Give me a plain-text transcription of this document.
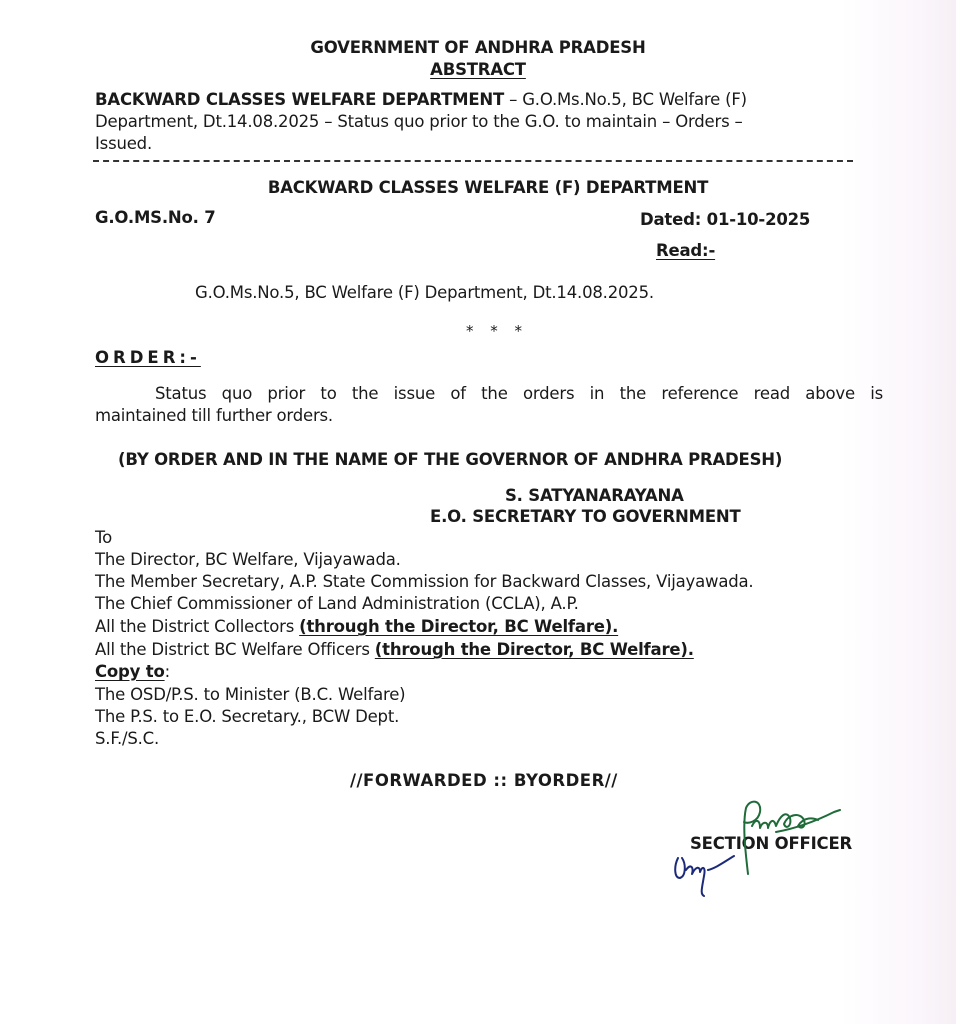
GOVERNMENT OF ANDHRA PRADESH
ABSTRACT
BACKWARD CLASSES WELFARE DEPARTMENT – G.O.Ms.No.5, BC Welfare (F)
Department, Dt.14.08.2025 – Status quo prior to the G.O. to maintain – Orders –
Issued.
BACKWARD CLASSES WELFARE (F) DEPARTMENT
G.O.MS.No. 7	Dated: 01-10-2025
Read:-
G.O.Ms.No.5, BC Welfare (F) Department, Dt.14.08.2025.
* * *
ORDER:-
Status quo prior to the issue of the orders in the reference read above is
maintained till further orders.
(BY ORDER AND IN THE NAME OF THE GOVERNOR OF ANDHRA PRADESH)
S. SATYANARAYANA
E.O. SECRETARY TO GOVERNMENT
To
The Director, BC Welfare, Vijayawada.
The Member Secretary, A.P. State Commission for Backward Classes, Vijayawada.
The Chief Commissioner of Land Administration (CCLA), A.P.
All the District Collectors (through the Director, BC Welfare).
All the District BC Welfare Officers (through the Director, BC Welfare).
Copy to:
The OSD/P.S. to Minister (B.C. Welfare)
The P.S. to E.O. Secretary., BCW Dept.
S.F./S.C.
//FORWARDED :: BYORDER//
SECTION OFFICER
